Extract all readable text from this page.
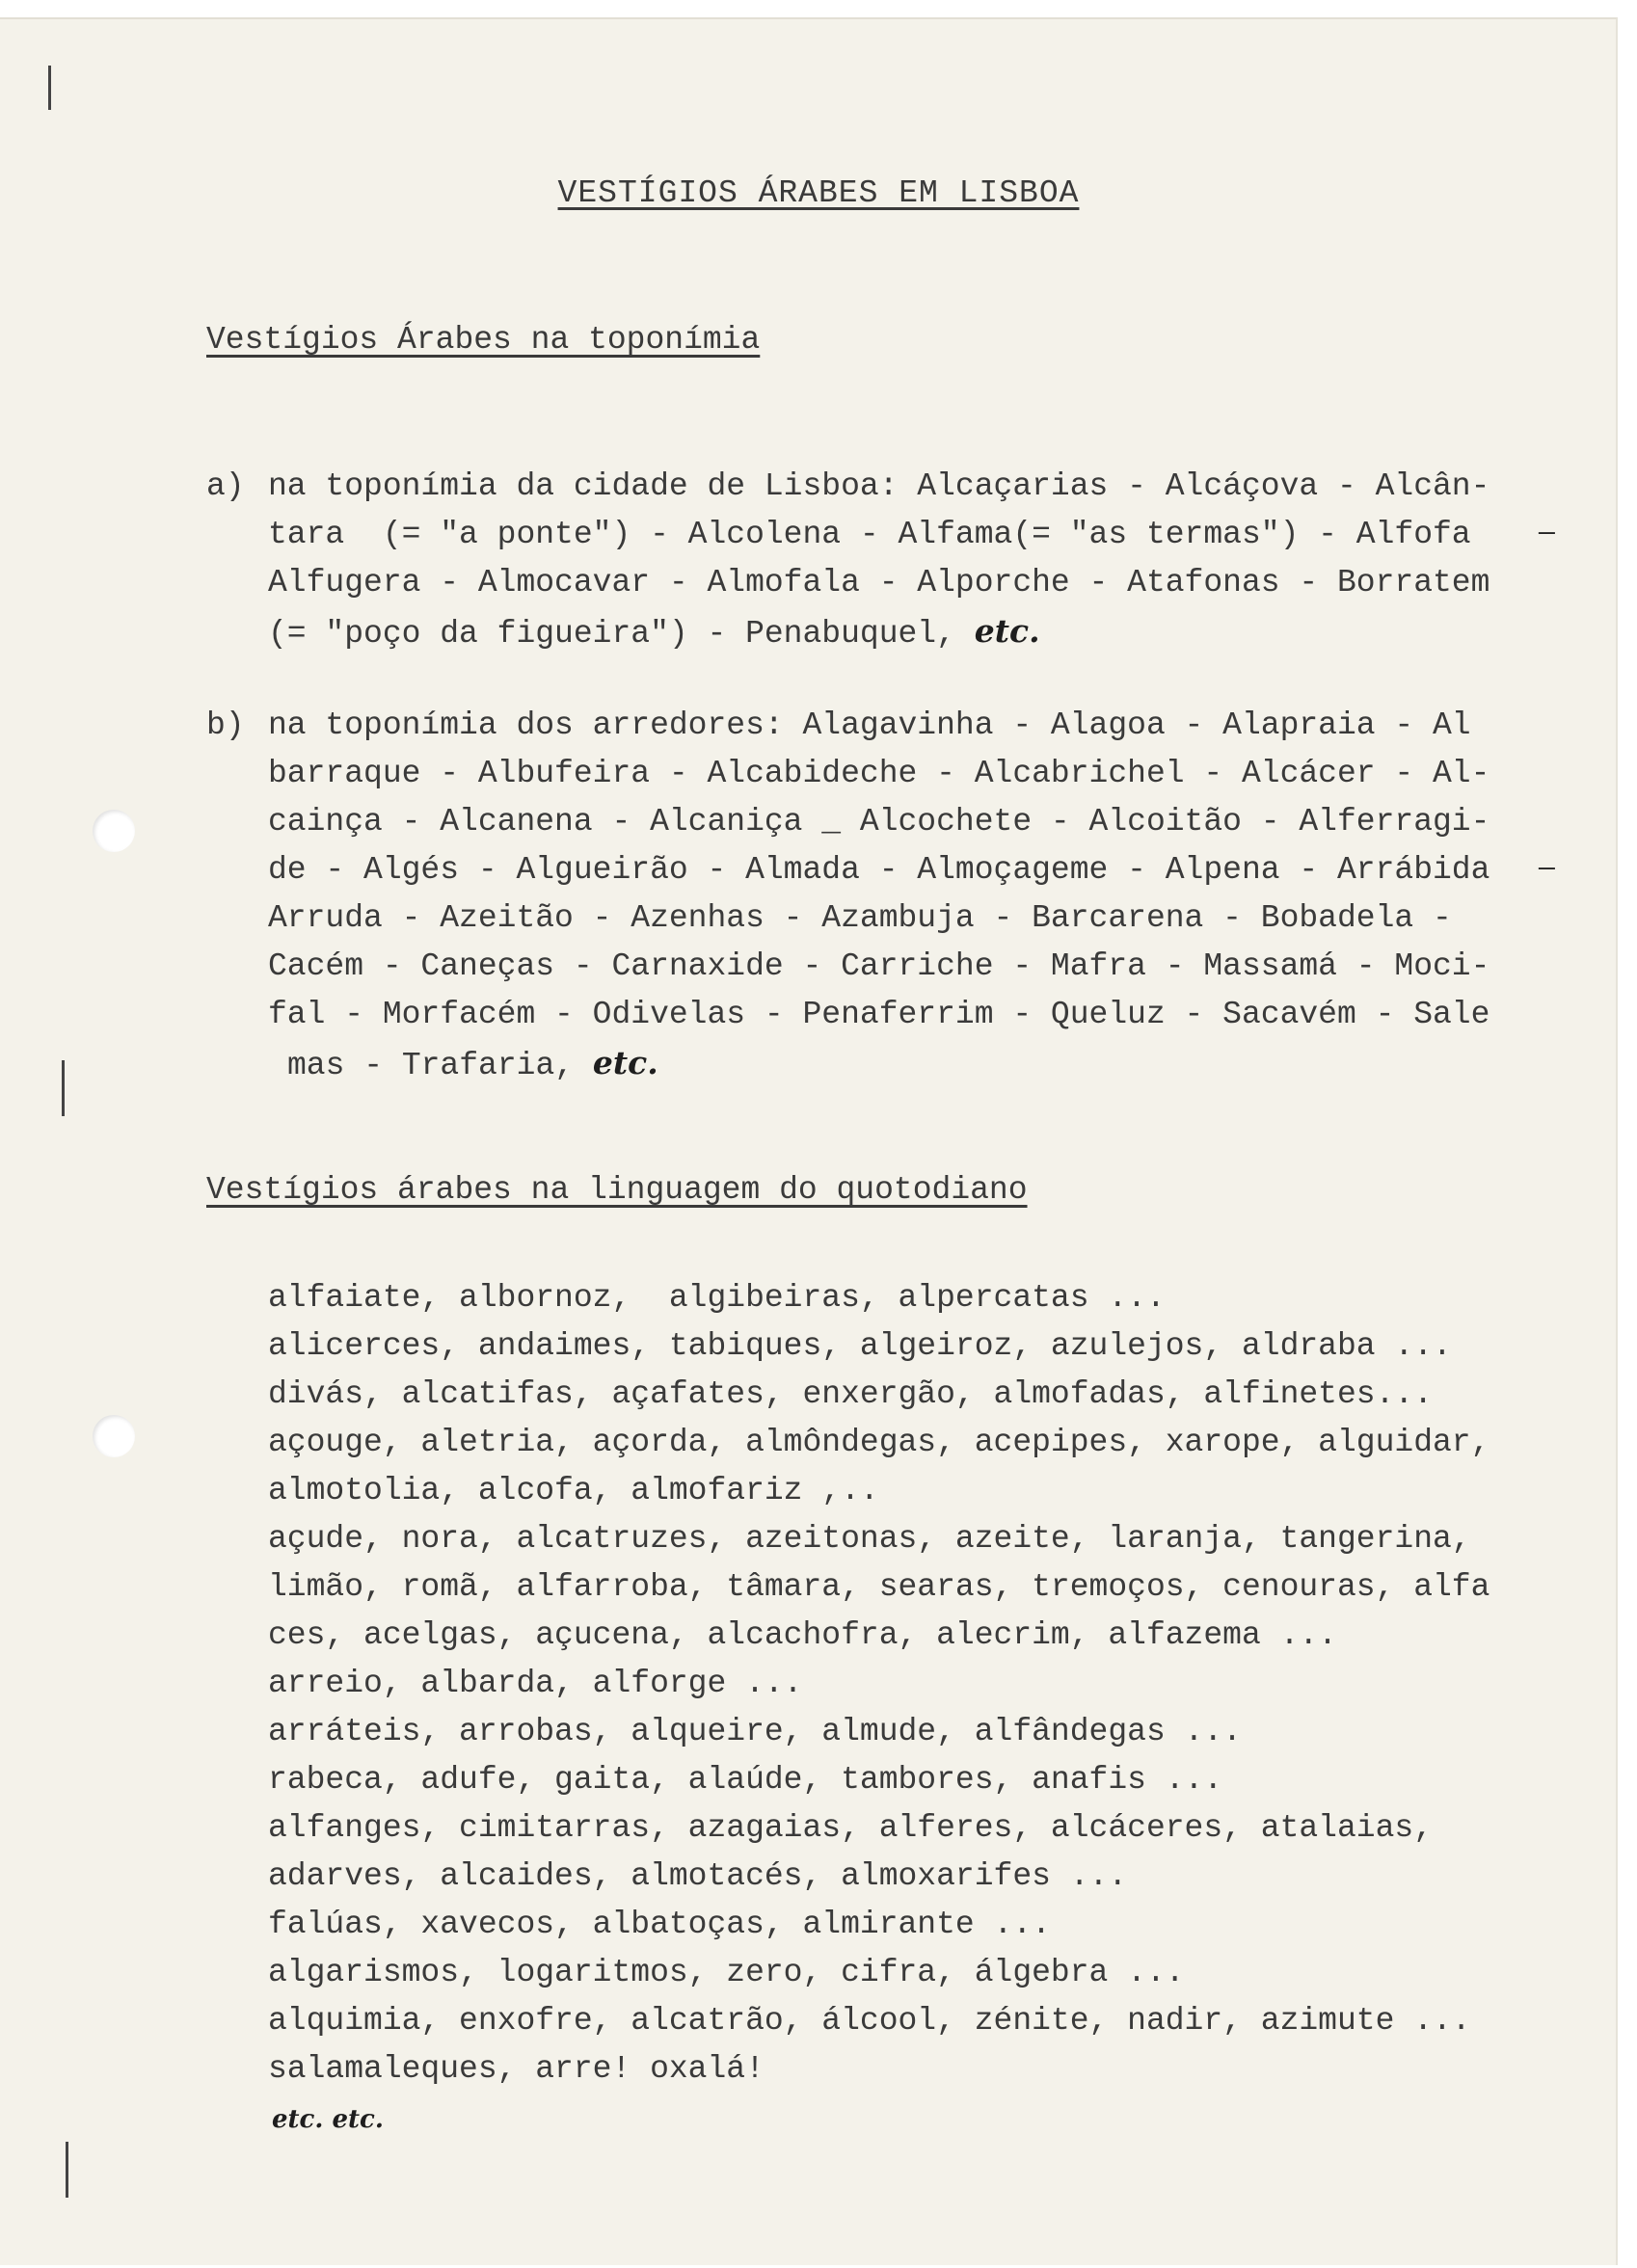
VESTÍGIOS ÁRABES EM LISBOA
Vestígios Árabes na toponímia
a) na toponímia da cidade de Lisboa: Alcaçarias - Alcáçova - Alcân-
tara  (= "a ponte") - Alcolena - Alfama(= "as termas") - Alfofa
Alfugera - Almocavar - Almofala - Alporche - Atafonas - Borratem
(= "poço da figueira") - Penabuquel, etc.
—
b) na toponímia dos arredores: Alagavinha - Alagoa - Alapraia - Al
barraque - Albufeira - Alcabideche - Alcabrichel - Alcácer - Al-
cainça - Alcanena - Alcaniça _ Alcochete - Alcoitão - Alferragi-
de - Algés - Algueirão - Almada - Almoçageme - Alpena - Arrábida
Arruda - Azeitão - Azenhas - Azambuja - Barcarena - Bobadela -
Cacém - Caneças - Carnaxide - Carriche - Mafra - Massamá - Moci-
fal - Morfacém - Odivelas - Penaferrim - Queluz - Sacavém - Sale
mas - Trafaria, etc.
—
Vestígios árabes na linguagem do quotodiano
alfaiate, albornoz,  algibeiras, alpercatas ...
alicerces, andaimes, tabiques, algeiroz, azulejos, aldraba ...
divás, alcatifas, açafates, enxergão, almofadas, alfinetes...
açouge, aletria, açorda, almôndegas, acepipes, xarope, alguidar,
almotolia, alcofa, almofariz ,..
açude, nora, alcatruzes, azeitonas, azeite, laranja, tangerina,
limão, romã, alfarroba, tâmara, searas, tremoços, cenouras, alfa
ces, acelgas, açucena, alcachofra, alecrim, alfazema ...
arreio, albarda, alforge ...
arráteis, arrobas, alqueire, almude, alfândegas ...
rabeca, adufe, gaita, alaúde, tambores, anafis ...
alfanges, cimitarras, azagaias, alferes, alcáceres, atalaias,
adarves, alcaides, almotacés, almoxarifes ...
falúas, xavecos, albatoças, almirante ...
algarismos, logaritmos, zero, cifra, álgebra ...
alquimia, enxofre, alcatrão, álcool, zénite, nadir, azimute ...
salamaleques, arre! oxalá!
etc. etc.
